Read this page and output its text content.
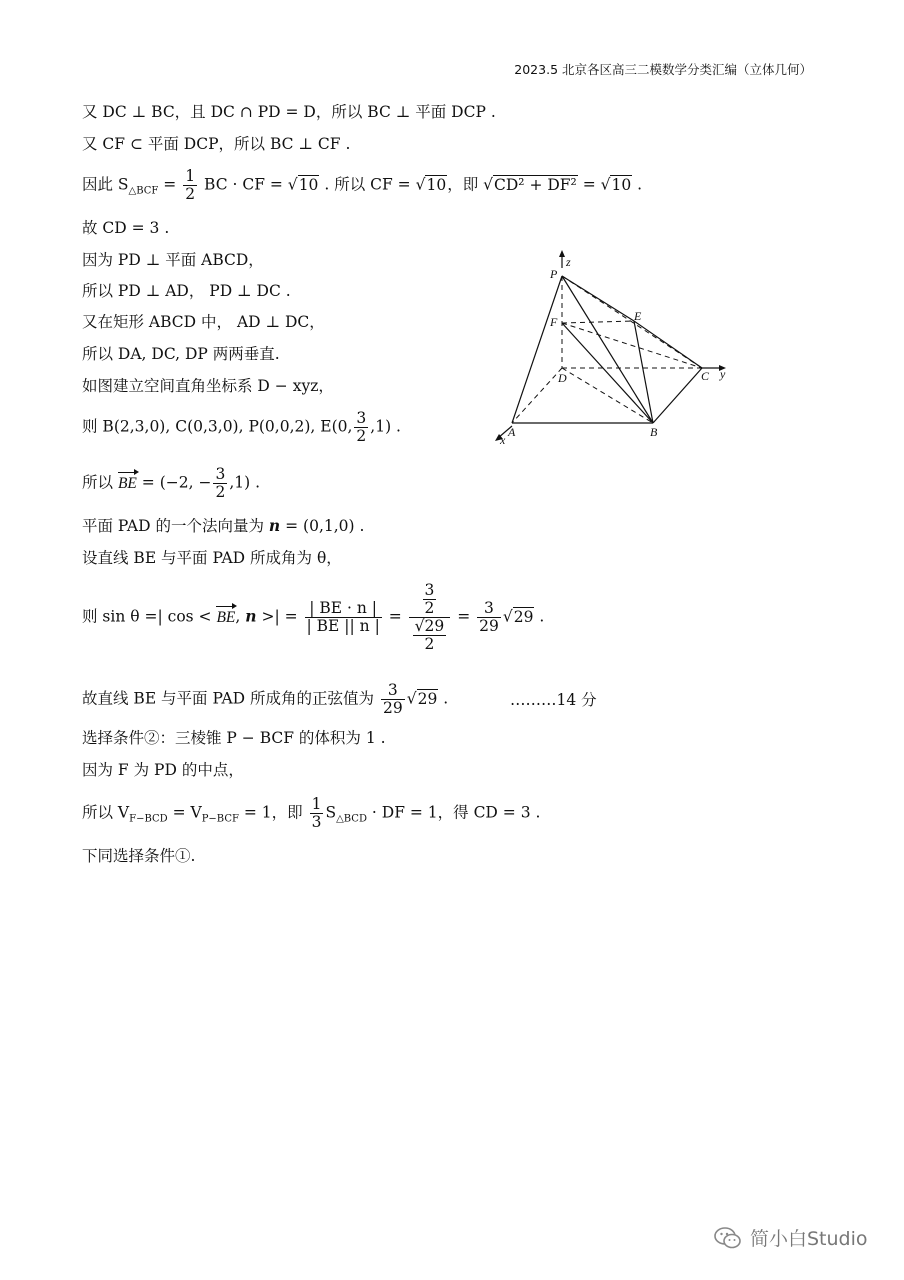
2023.5 北京各区高三二模数学分类汇编（立体几何）
又 DC ⊥ BC，且 DC ∩ PD = D，所以 BC ⊥ 平面 DCP .
又 CF ⊂ 平面 DCP，所以 BC ⊥ CF .
因此 $S_{\triangle BCF} = \frac{1}{2}$ BC · CF = √10 . 所以 CF = √10，即 √CD² + DF² = √10 .
故 CD = 3 .
因为 PD ⊥ 平面 ABCD，
所以 PD ⊥ AD， PD ⊥ DC .
又在矩形 ABCD 中， AD ⊥ DC，
所以 DA, DC, DP 两两垂直.
如图建立空间直角坐标系 D − xyz，
则 B(2,3,0), C(0,3,0), P(0,0,2), E(0, $\frac{3}{2} ,1$) .
所以 BE = (−2, − $\frac{3}{2} ,1$) .
平面 PAD 的一个法向量为 n = (0,1,0) .
设直线 BE 与平面 PAD 所成角为 θ，
则 sin θ =| cos < BE, n >| = $\frac{| BE \cdot n |}{| BE || n |} = \frac{\frac{3}{2}}{\frac{√29}{2}} = \frac{3}{29} √29$ .
故直线 BE 与平面 PAD 所成角的正弦值为 $\frac{3}{29} √29$ .	………14 分
选择条件②：三棱锥 P − BCF 的体积为 1 .
因为 F 为 PD 的中点，
所以 $V_{F-BCD} = V_{P-BCF} = 1$，即 $\frac{1}{3} S_{\triangle BCD}$ · DF = 1，得 CD = 3 .
下同选择条件①.
P
z
E
F
D	C y
A	B
x
简小白Studio
